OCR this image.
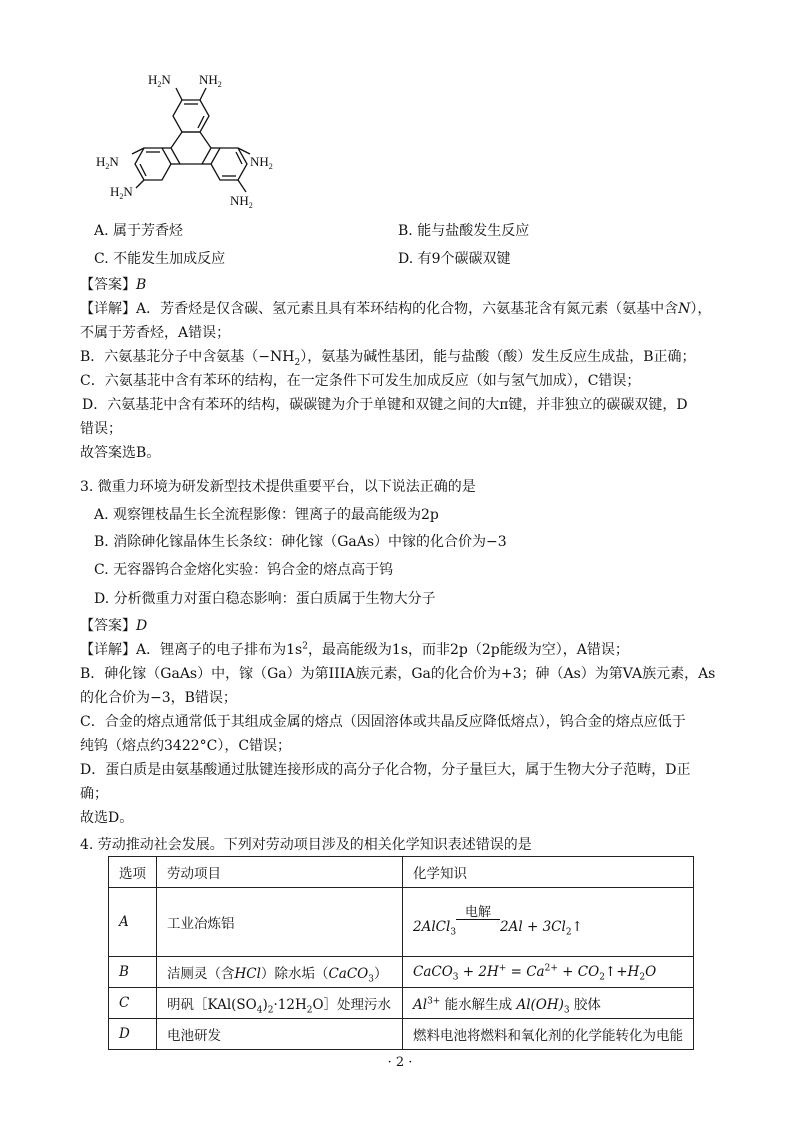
$H_2N$ $NH_2$
$H_2N$	$NH_2$
$H_2N$
$NH_2$
A. 属于芳香烃	B. 能与盐酸发生反应
C. 不能发生加成反应	D. 有9个碳碳双键
【答案】B
【详解】A．芳香烃是仅含碳、氢元素且具有苯环结构的化合物，六氨基苝含有氮元素（氨基中含N），
不属于芳香烃，A错误；
B．六氨基苝分子中含氨基$(-NH_2)$，氨基为碱性基团，能与盐酸（酸）发生反应生成盐，B正确；
C．六氨基苝中含有苯环的结构，在一定条件下可发生加成反应（如与氢气加成），C错误；
D．六氨基苝中含有苯环的结构，碳碳键为介于单键和双键之间的大π键，并非独立的碳碳双键，D
错误；
故答案选B。
3. 微重力环境为研发新型技术提供重要平台，以下说法正确的是
A. 观察锂枝晶生长全流程影像：锂离子的最高能级为2p
B. 消除砷化镓晶体生长条纹：砷化镓（GaAs）中镓的化合价为−3
C. 无容器钨合金熔化实验：钨合金的熔点高于钨
D. 分析微重力对蛋白稳态影响：蛋白质属于生物大分子
【答案】D
【详解】A．锂离子的电子排布为$1s^2$，最高能级为1s，而非2p（2p能级为空），A错误；
B．砷化镓（GaAs）中，镓（Ga）为第IIIA族元素，Ga的化合价为+3；砷（As）为第VA族元素，As
的化合价为−3，B错误；
C．合金的熔点通常低于其组成金属的熔点（因固溶体或共晶反应降低熔点），钨合金的熔点应低于
纯钨（熔点约3422°C），C错误；
D．蛋白质是由氨基酸通过肽键连接形成的高分子化合物，分子量巨大，属于生物大分子范畴，D正
确；
故选D。
4. 劳动推动社会发展。下列对劳动项目涉及的相关化学知识表述错误的是
选项	劳动项目	化学知识
A	工业冶炼铝	2AlCl$_3$
电解
$2Al + 3Cl_2↑$
B	洁厕灵（含HCl）除水垢（CaCO$_3$）	CaCO$_3$ + $2H^+ = Ca^{2+}$ + $CO_2↑+H_2O$
C	明矾$[KAl(SO_4)_2\cdot 12H_2O]$处理污水	$Al^{3+}$ 能水解生成 $Al(OH)_3$ 胶体
D	电池研发	燃料电池将燃料和氧化剂的化学能转化为电能
· 2 ·
